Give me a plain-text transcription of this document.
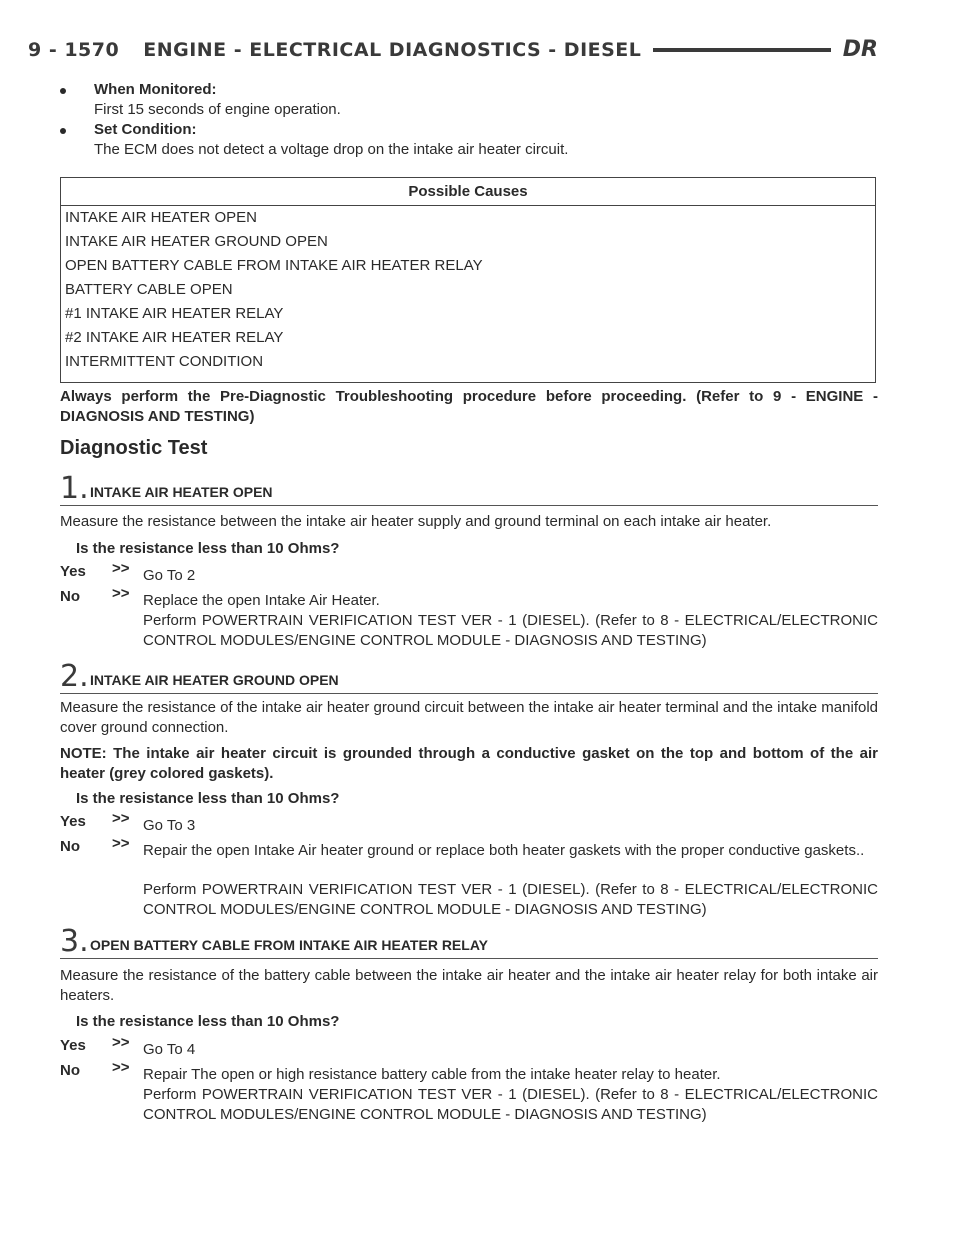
9 - 1570 ENGINE - ELECTRICAL DIAGNOSTICS - DIESEL	DR
When Monitored:
First 15 seconds of engine operation.
Set Condition:
The ECM does not detect a voltage drop on the intake air heater circuit.
Possible Causes
INTAKE AIR HEATER OPEN
INTAKE AIR HEATER GROUND OPEN
OPEN BATTERY CABLE FROM INTAKE AIR HEATER RELAY
BATTERY CABLE OPEN
#1 INTAKE AIR HEATER RELAY
#2 INTAKE AIR HEATER RELAY
INTERMITTENT CONDITION
Always perform the Pre-Diagnostic Troubleshooting procedure before proceeding. (Refer to 9 - ENGINE - DIAGNOSIS AND TESTING)
Diagnostic Test
1. INTAKE AIR HEATER OPEN
Measure the resistance between the intake air heater supply and ground terminal on each intake air heater.
Is the resistance less than 10 Ohms?
Yes >> Go To 2
No >> Replace the open Intake Air Heater.
Perform POWERTRAIN VERIFICATION TEST VER - 1 (DIESEL). (Refer to 8 - ELECTRICAL/ELECTRONIC CONTROL MODULES/ENGINE CONTROL MODULE - DIAGNOSIS AND TESTING)
2. INTAKE AIR HEATER GROUND OPEN
Measure the resistance of the intake air heater ground circuit between the intake air heater terminal and the intake manifold cover ground connection.
NOTE: The intake air heater circuit is grounded through a conductive gasket on the top and bottom of the air heater (grey colored gaskets).
Is the resistance less than 10 Ohms?
Yes >> Go To 3
No >> Repair the open Intake Air heater ground or replace both heater gaskets with the proper conductive gaskets..
Perform POWERTRAIN VERIFICATION TEST VER - 1 (DIESEL). (Refer to 8 - ELECTRICAL/ELECTRONIC CONTROL MODULES/ENGINE CONTROL MODULE - DIAGNOSIS AND TESTING)
3. OPEN BATTERY CABLE FROM INTAKE AIR HEATER RELAY
Measure the resistance of the battery cable between the intake air heater and the intake air heater relay for both intake air heaters.
Is the resistance less than 10 Ohms?
Yes >> Go To 4
No >> Repair The open or high resistance battery cable from the intake heater relay to heater.
Perform POWERTRAIN VERIFICATION TEST VER - 1 (DIESEL). (Refer to 8 - ELECTRICAL/ELECTRONIC CONTROL MODULES/ENGINE CONTROL MODULE - DIAGNOSIS AND TESTING)
